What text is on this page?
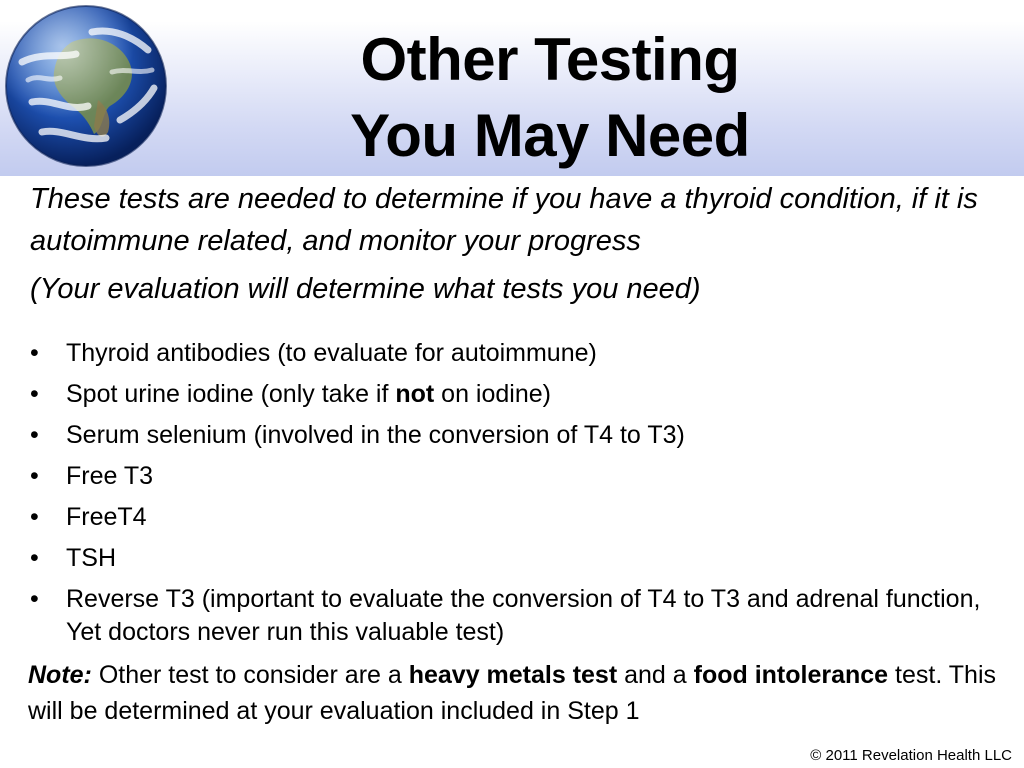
Other Testing
You May Need
These tests are needed to determine if you have a thyroid condition, if it is autoimmune related, and monitor your progress
(Your evaluation will determine what tests you need)
• Thyroid antibodies (to evaluate for autoimmune)
• Spot urine iodine (only take if not on iodine)
• Serum selenium (involved in the conversion of T4 to T3)
• Free T3
• FreeT4
• TSH
• Reverse T3 (important to evaluate the conversion of T4 to T3 and adrenal function, Yet doctors never run this valuable test)
Note: Other test to consider are a heavy metals test and a food intolerance test. This will be determined at your evaluation included in Step 1
© 2011 Revelation Health LLC
